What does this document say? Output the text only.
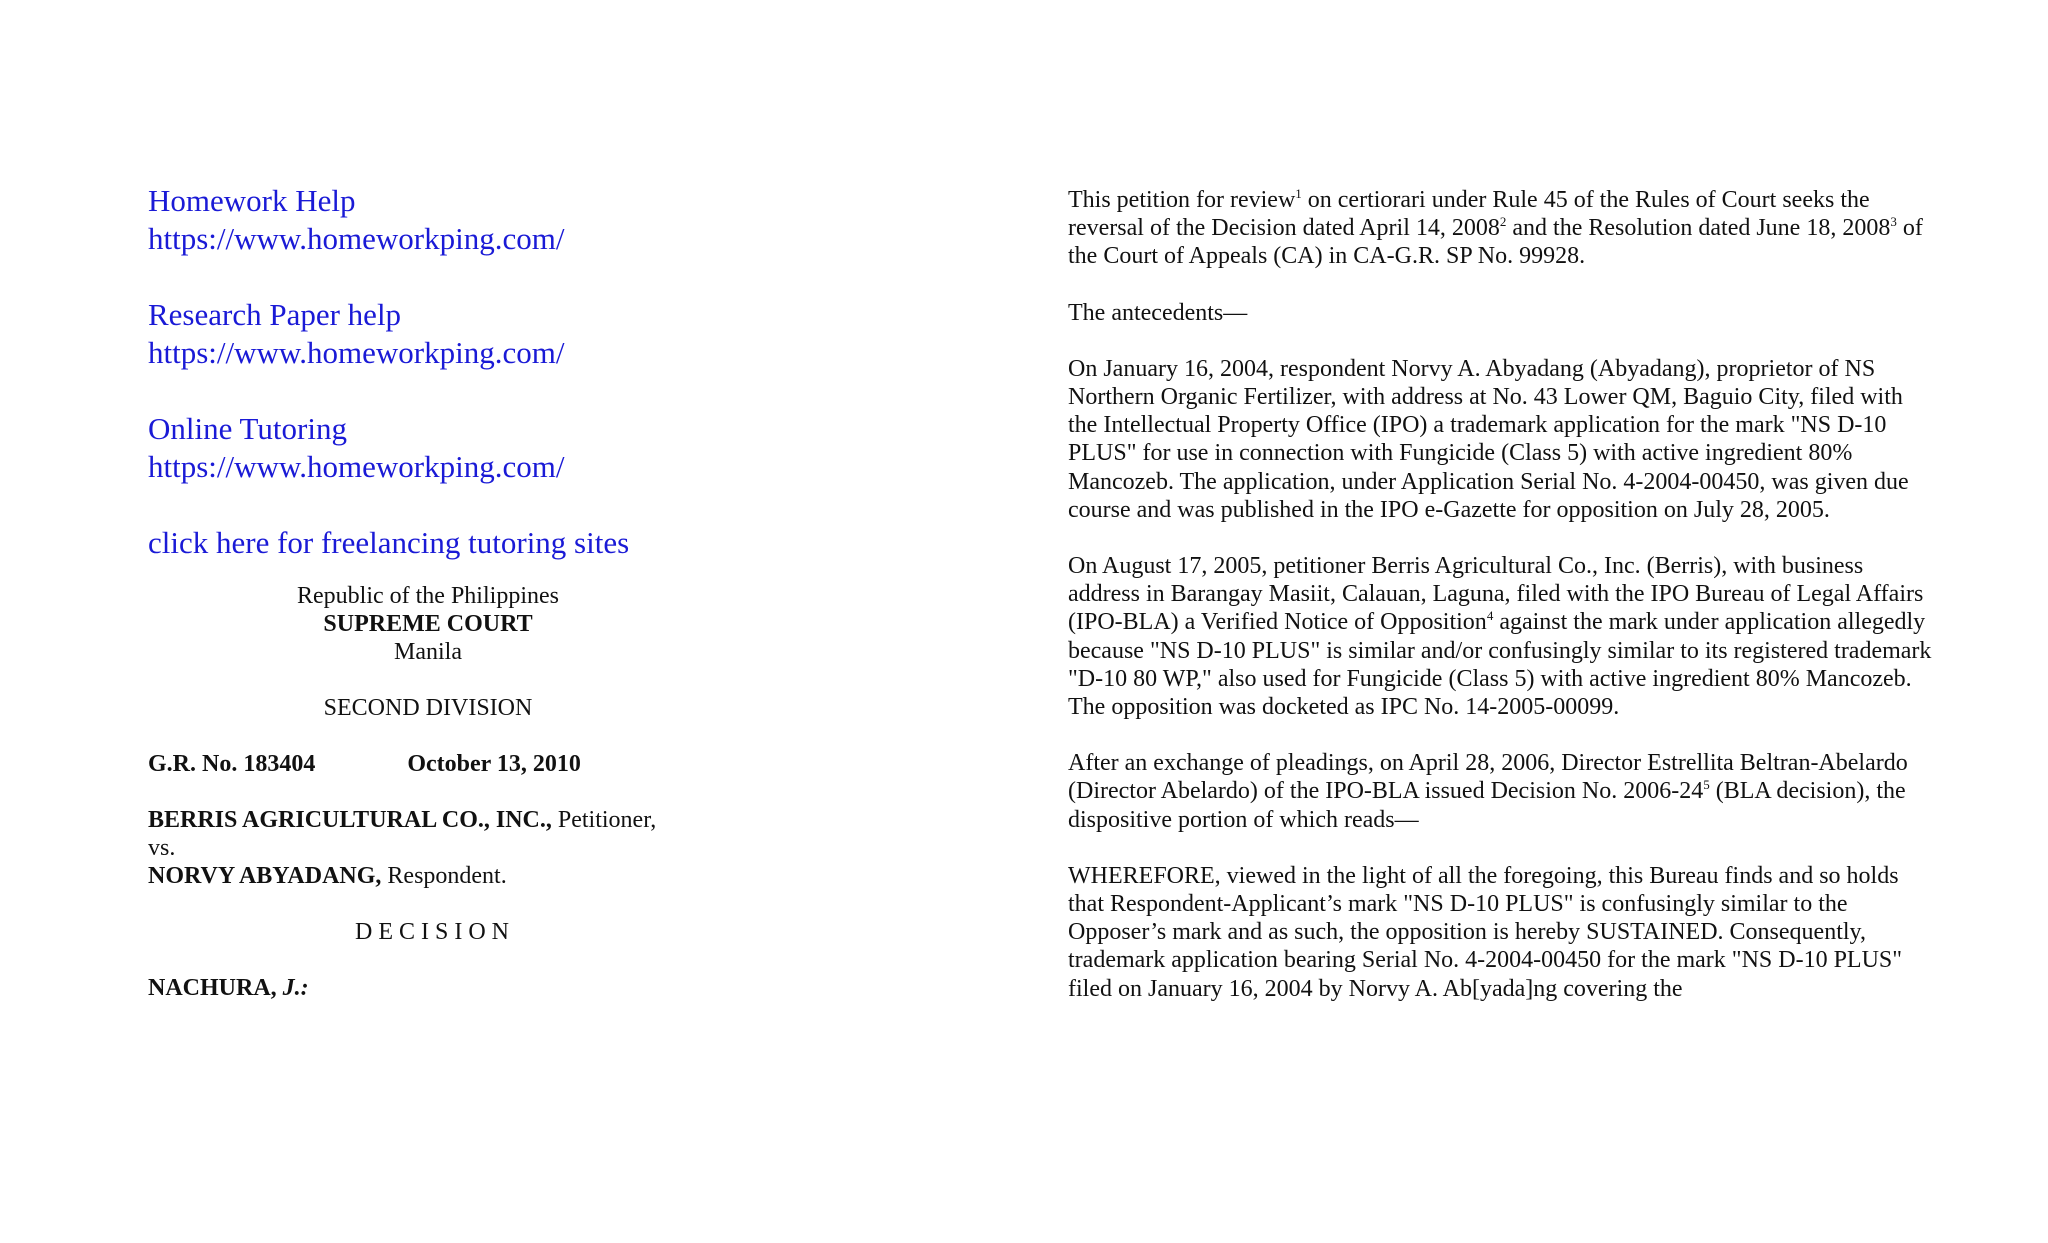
Homework Help
https://www.homeworkping.com/
Research Paper help
https://www.homeworkping.com/
Online Tutoring
https://www.homeworkping.com/
click here for freelancing tutoring sites
Republic of the Philippines
SUPREME COURT
Manila
SECOND DIVISION
G.R. No. 183404	October 13, 2010
BERRIS AGRICULTURAL CO., INC., Petitioner,
vs.
NORVY ABYADANG, Respondent.
DECISION
NACHURA, J.:

This petition for review$^1$ on certiorari under Rule 45 of the Rules of Court seeks the reversal of the Decision dated April 14, 2008$^2$ and the Resolution dated June 18, 2008$^3$ of the Court of Appeals (CA) in CA-G.R. SP No. 99928.

The antecedents—

On January 16, 2004, respondent Norvy A. Abyadang (Abyadang), proprietor of NS Northern Organic Fertilizer, with address at No. 43 Lower QM, Baguio City, filed with the Intellectual Property Office (IPO) a trademark application for the mark "NS D-10 PLUS" for use in connection with Fungicide (Class 5) with active ingredient 80% Mancozeb. The application, under Application Serial No. 4-2004-00450, was given due course and was published in the IPO e-Gazette for opposition on July 28, 2005.

On August 17, 2005, petitioner Berris Agricultural Co., Inc. (Berris), with business address in Barangay Masiit, Calauan, Laguna, filed with the IPO Bureau of Legal Affairs (IPO-BLA) a Verified Notice of Opposition$^4$ against the mark under application allegedly because "NS D-10 PLUS" is similar and/or confusingly similar to its registered trademark "D-10 80 WP," also used for Fungicide (Class 5) with active ingredient 80% Mancozeb. The opposition was docketed as IPC No. 14-2005-00099.

After an exchange of pleadings, on April 28, 2006, Director Estrellita Beltran-Abelardo (Director Abelardo) of the IPO-BLA issued Decision No. $2006-24^5$ (BLA decision), the dispositive portion of which reads—

WHEREFORE, viewed in the light of all the foregoing, this Bureau finds and so holds that Respondent-Applicant’s mark "NS D-10 PLUS" is confusingly similar to the Opposer’s mark and as such, the opposition is hereby SUSTAINED. Consequently, trademark application bearing Serial No. 4-2004-00450 for the mark "NS D-10 PLUS" filed on January 16, 2004 by Norvy A. Ab[yada]ng covering the
